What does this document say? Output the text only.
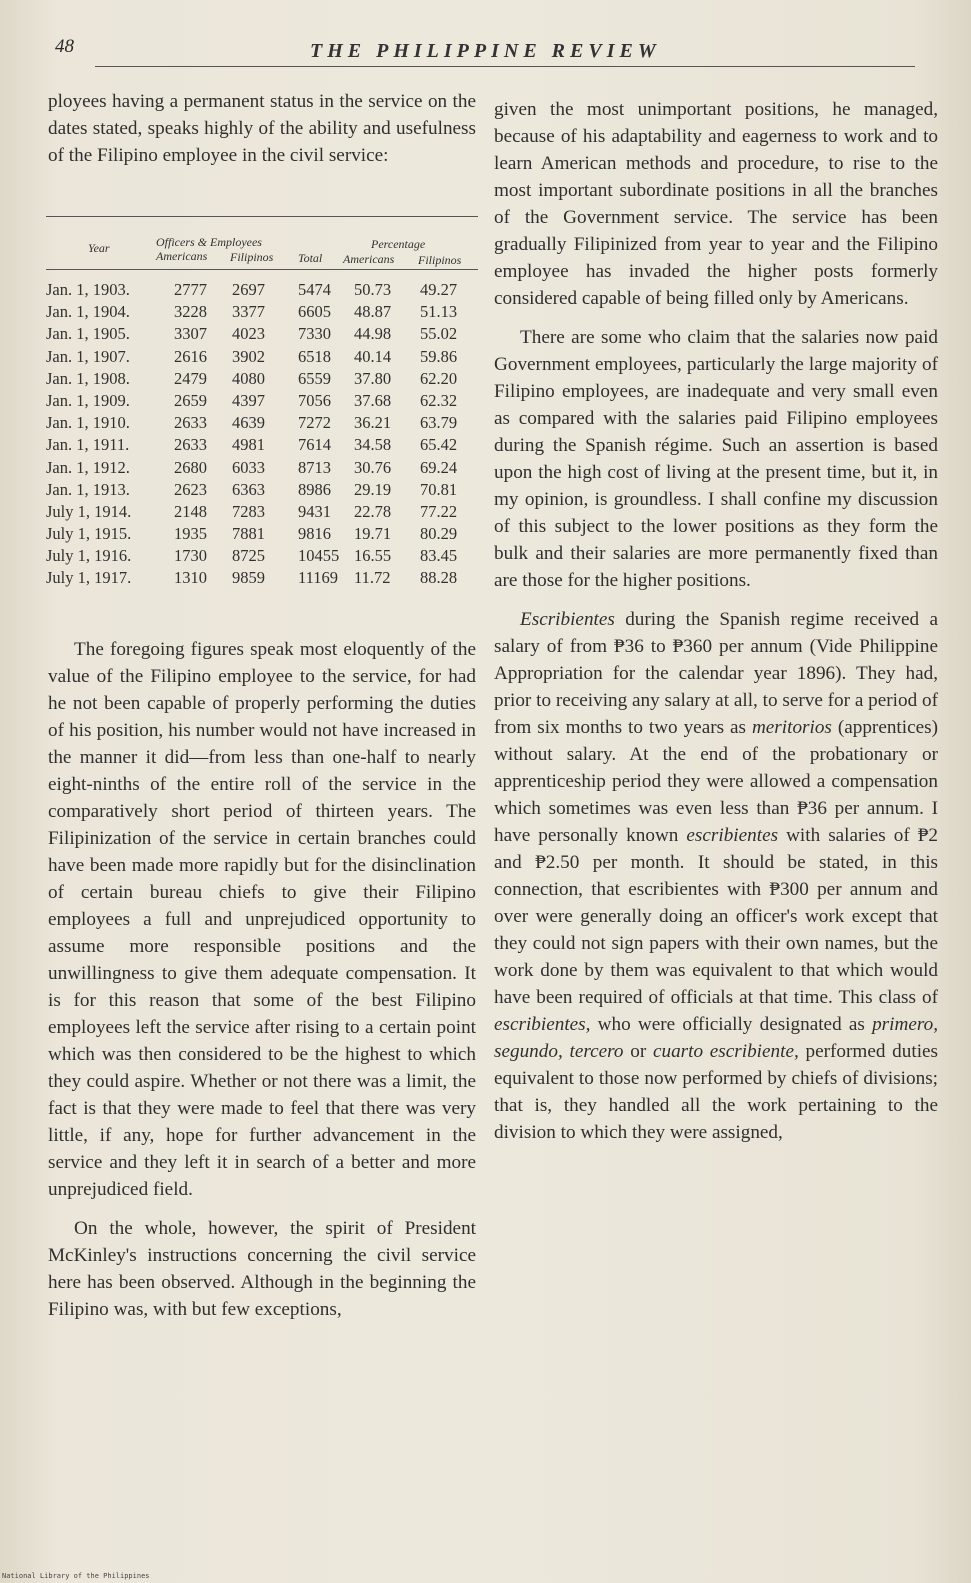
48	THE PHILIPPINE REVIEW

ployees having a permanent status in the service on the dates stated, speaks highly of the ability and usefulness of the Filipino employee in the civil service:

Year	Officers & Employees	Percentage
Americans Filipinos Total Americans Filipinos
Jan. 1, 1903.	2777 2697 5474 50.73 49.27
Jan. 1, 1904.	3228 3377 6605 48.87 51.13
Jan. 1, 1905.	3307 4023 7330 44.98 55.02
Jan. 1, 1907.	2616 3902 6518 40.14 59.86
Jan. 1, 1908.	2479 4080 6559 37.80 62.20
Jan. 1, 1909.	2659 4397 7056 37.68 62.32
Jan. 1, 1910.	2633 4639 7272 36.21 63.79
Jan. 1, 1911.	2633 4981 7614 34.58 65.42
Jan. 1, 1912.	2680 6033 8713 30.76 69.24
Jan. 1, 1913.	2623 6363 8986 29.19 70.81
July 1, 1914.	2148 7283 9431 22.78 77.22
July 1, 1915.	1935 7881 9816 19.71 80.29
July 1, 1916.	1730 8725 10455 16.55 83.45
July 1, 1917.	1310 9859 11169 11.72 88.28

The foregoing figures speak most eloquently of the value of the Filipino employee to the service, for had he not been capable of properly performing the duties of his position, his number would not have increased in the manner it did—from less than one-half to nearly eight-ninths of the entire roll of the service in the comparatively short period of thirteen years. The Filipinization of the service in certain branches could have been made more rapidly but for the disinclination of certain bureau chiefs to give their Filipino employees a full and unprejudiced opportunity to assume more responsible positions and the unwillingness to give them adequate compensation. It is for this reason that some of the best Filipino employees left the service after rising to a certain point which was then considered to be the highest to which they could aspire. Whether or not there was a limit, the fact is that they were made to feel that there was very little, if any, hope for further advancement in the service and they left it in search of a better and more unprejudiced field.

On the whole, however, the spirit of President McKinley's instructions concerning the civil service here has been observed. Although in the beginning the Filipino was, with but few exceptions,

given the most unimportant positions, he managed, because of his adaptability and eagerness to work and to learn American methods and procedure, to rise to the most important subordinate positions in all the branches of the Government service. The service has been gradually Filipinized from year to year and the Filipino employee has invaded the higher posts formerly considered capable of being filled only by Americans.

There are some who claim that the salaries now paid Government employees, particularly the large majority of Filipino employees, are inadequate and very small even as compared with the salaries paid Filipino employees during the Spanish régime. Such an assertion is based upon the high cost of living at the present time, but it, in my opinion, is groundless. I shall confine my discussion of this subject to the lower positions as they form the bulk and their salaries are more permanently fixed than are those for the higher positions.

Escribientes during the Spanish regime received a salary of from ₱36 to ₱360 per annum (Vide Philippine Appropriation for the calendar year 1896). They had, prior to receiving any salary at all, to serve for a period of from six months to two years as meritorios (apprentices) without salary. At the end of the probationary or apprenticeship period they were allowed a compensation which sometimes was even less than ₱36 per annum. I have personally known escribientes with salaries of ₱2 and ₱2.50 per month. It should be stated, in this connection, that escribientes with ₱300 per annum and over were generally doing an officer's work except that they could not sign papers with their own names, but the work done by them was equivalent to that which would have been required of officials at that time. This class of escribientes, who were officially designated as primero, segundo, tercero or cuarto escribiente, performed duties equivalent to those now performed by chiefs of divisions; that is, they handled all the work pertaining to the division to which they were assigned,

National Library of the Philippines
